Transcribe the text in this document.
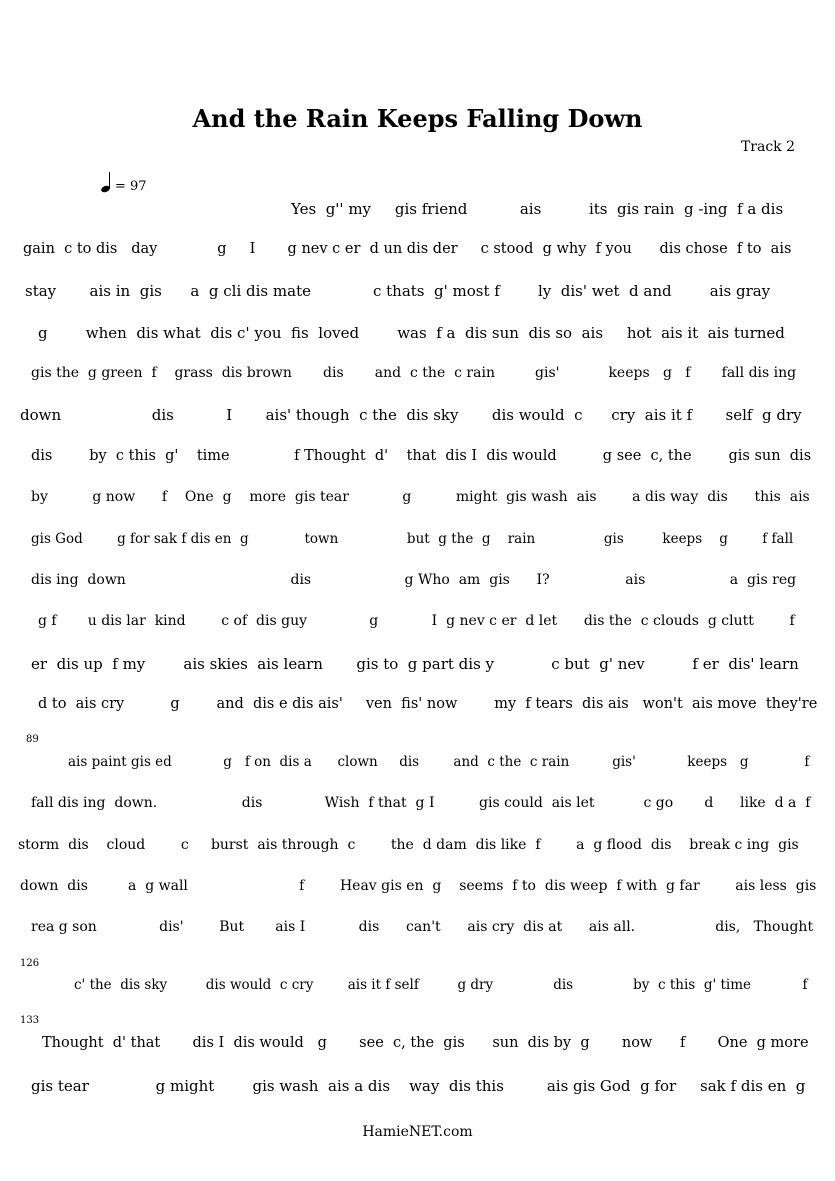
And the Rain Keeps Falling Down
Track 2
= 97
Yes  g'' my     gis friend           ais          its  gis rain  g -ing  f a dis
gain  c to dis   day             g     I       g nev c er  d un dis der     c stood  g why  f you      dis chose  f to  ais
stay       ais in  gis      a  g cli dis mate             c thats  g' most f        ly  dis' wet  d and        ais gray
g        when  dis what  dis c' you  fis  loved        was  f a  dis sun  dis so  ais     hot  ais it  ais turned
gis the  g green  f    grass  dis brown       dis       and  c the  c rain         gis'           keeps   g   f       fall dis ing
down                   dis           I       ais' though  c the  dis sky       dis would  c      cry  ais it f       self  g dry
dis        by  c this  g'    time              f Thought  d'    that  dis I  dis would          g see  c, the        gis sun  dis
by          g now      f    One  g    more  gis tear            g          might  gis wash  ais        a dis way  dis      this  ais
gis God        g for sak f dis en  g             town                but  g the  g    rain                gis         keeps    g        f fall
dis ing  down                                     dis                     g Who  am  gis      I?                 ais                   a  gis reg
g f       u dis lar  kind        c of  dis guy              g            I  g nev c er  d let      dis the  c clouds  g clutt        f
er  dis up  f my        ais skies  ais learn       gis to  g part dis y            c but  g' nev          f er  dis' learn
d to  ais cry          g        and  dis e dis ais'     ven  fis' now        my  f tears  dis ais   won't  ais move  they're
89
ais paint gis ed            g   f on  dis a      clown     dis        and  c the  c rain          gis'            keeps   g             f
fall dis ing  down.                   dis              Wish  f that  g I          gis could  ais let           c go       d      like  d a  f
storm  dis    cloud        c     burst  ais through  c        the  d dam  dis like  f        a  g flood  dis    break c ing  gis
down  dis         a  g wall                         f        Heav gis en  g    seems  f to  dis weep  f with  g far        ais less  gis
rea g son              dis'        But       ais I            dis      can't      ais cry  dis at      ais all.                  dis,   Thought
126
c' the  dis sky         dis would  c cry        ais it f self         g dry              dis              by  c this  g' time            f
133
Thought  d' that       dis I  dis would   g       see  c, the  gis      sun  dis by  g       now      f       One  g more
gis tear              g might        gis wash  ais a dis    way  dis this         ais gis God  g for     sak f dis en  g
HamieNET.com
